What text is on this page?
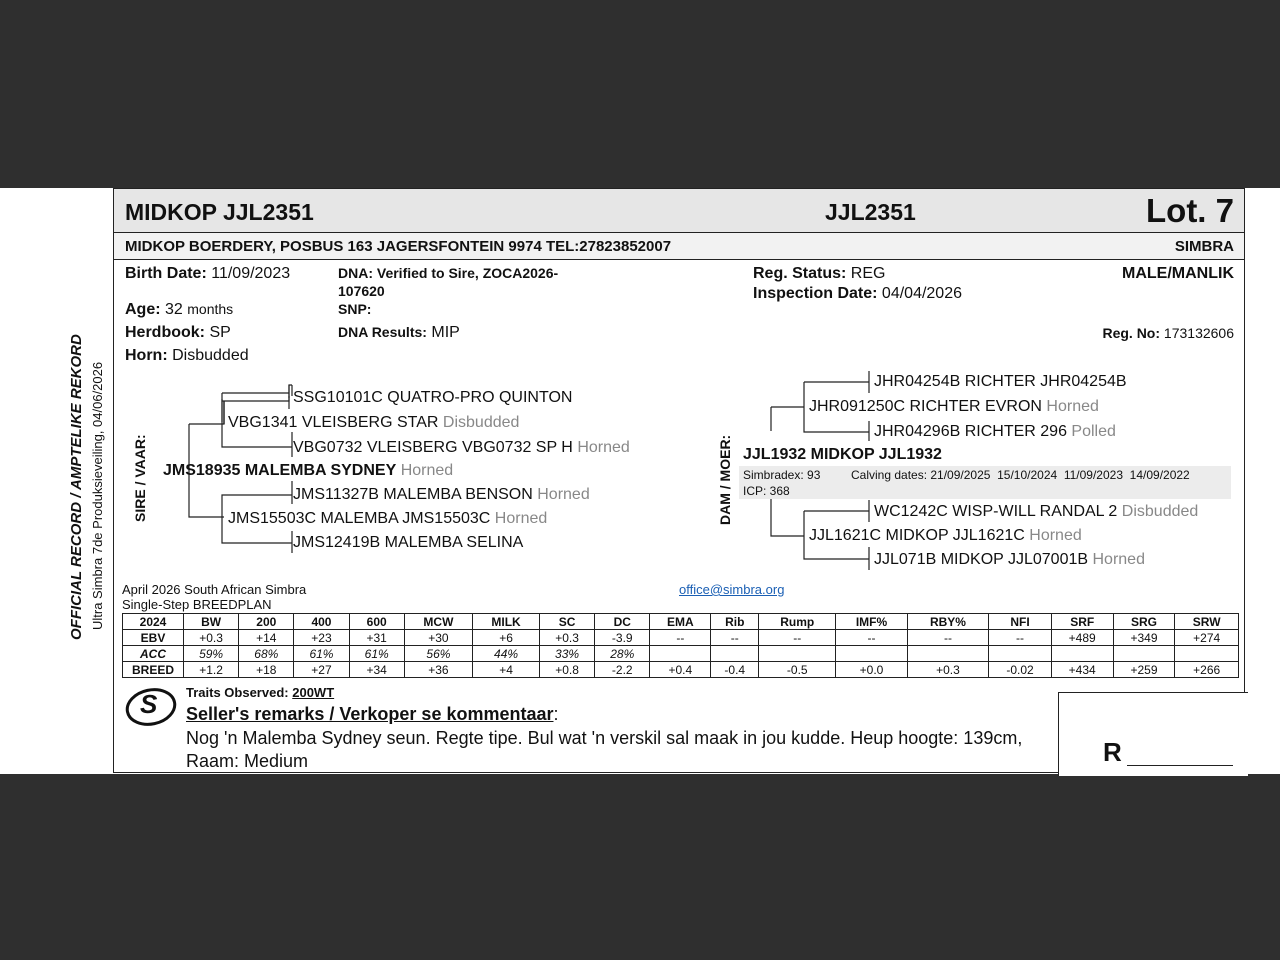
OFFICIAL RECORD / AMPTELIKE REKORD Ultra Simbra 7de Produksieveiling, 04/06/2026
MIDKOP JJL2351	JJL2351	Lot. 7
MIDKOP BOERDERY, POSBUS 163 JAGERSFONTEIN 9974 TEL:27823852007	SIMBRA
Birth Date: 11/09/2023
Age: 32 months
Herdbook: SP
Horn: Disbudded
DNA: Verified to Sire, ZOCA2026-
107620
SNP:
DNA Results: MIP
Reg. Status: REG
Inspection Date: 04/04/2026
MALE/MANLIK
Reg. No: 173132606
SIRE / VAAR:
SSG10101C QUATRO-PRO QUINTON
VBG1341 VLEISBERG STAR Disbudded
VBG0732 VLEISBERG VBG0732 SP H Horned
JMS18935 MALEMBA SYDNEY Horned
JMS11327B MALEMBA BENSON Horned
JMS15503C MALEMBA JMS15503C Horned
JMS12419B MALEMBA SELINA
DAM / MOER:
JHR04254B RICHTER JHR04254B
JHR091250C RICHTER EVRON Horned
JHR04296B RICHTER 296 Polled
JJL1932 MIDKOP JJL1932
Simbradex: 93	Calving dates: 21/09/2025  15/10/2024  11/09/2023  14/09/2022
ICP: 368
WC1242C WISP-WILL RANDAL 2 Disbudded
JJL1621C MIDKOP JJL1621C Horned
JJL071B MIDKOP JJL07001B Horned
April 2026 South African Simbra
Single-Step BREEDPLAN
office@simbra.org
2024	BW	200	400	600	MCW	MILK	SC	DC	EMA	Rib	Rump	IMF%	RBY%	NFI	SRF	SRG	SRW
EBV	+0.3	+14	+23	+31	+30	+6	+0.3	-3.9	--	--	--	--	--	--	+489	+349	+274
ACC	59%	68%	61%	61%	56%	44%	33%	28%									
BREED	+1.2	+18	+27	+34	+36	+4	+0.8	-2.2	+0.4	-0.4	-0.5	+0.0	+0.3	-0.02	+434	+259	+266
S Traits Observed: 200WT
Seller's remarks / Verkoper se kommentaar:
Nog 'n Malemba Sydney seun. Regte tipe. Bul wat 'n verskil sal maak in jou kudde. Heup hoogte: 139cm,
Raam: Medium	R
